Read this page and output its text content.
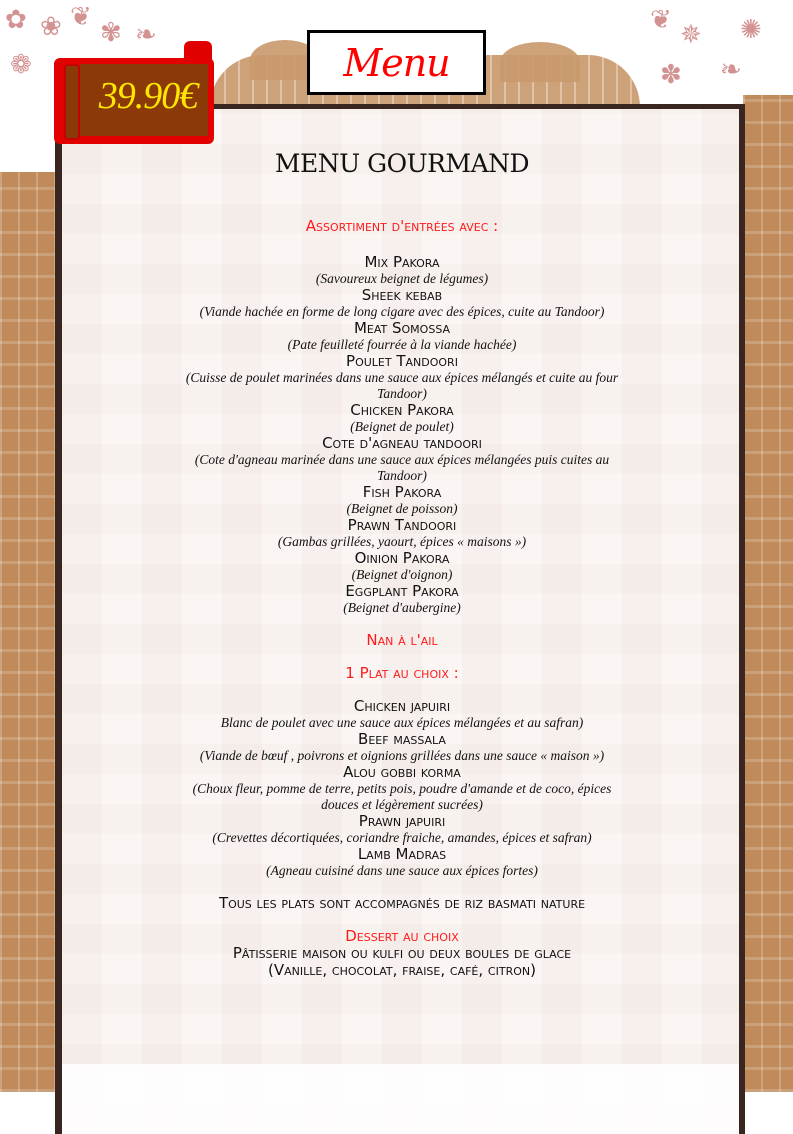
✿ ❀ ❦
✾
❁
❧
❦
✵ ✺
❧
✽
39.90€
Menu
MENU GOURMAND
Assortiment d'entrées avec :
Mix Pakora
(Savoureux beignet de légumes)
Sheek kebab
(Viande hachée en forme de long cigare avec des épices, cuite au Tandoor)
Meat Somossa
(Pate feuilleté fourrée à la viande hachée)
Poulet Tandoori
(Cuisse de poulet marinées dans une sauce aux épices mélangés et cuite au four Tandoor)
Chicken Pakora
(Beignet de poulet)
Cote d'agneau tandoori
(Cote d'agneau marinée dans une sauce aux épices mélangées puis cuites au Tandoor)
Fish Pakora
(Beignet de poisson)
Prawn Tandoori
(Gambas grillées, yaourt, épices « maisons »)
Oinion Pakora
(Beignet d'oignon)
Eggplant Pakora
(Beignet d'aubergine)
Nan à l'ail
1 Plat au choix :
Chicken japuiri
Blanc de poulet avec une sauce aux épices mélangées et au safran)
Beef massala
(Viande de bœuf , poivrons et oignions grillées dans une sauce « maison »)
Alou gobbi korma
(Choux fleur, pomme de terre, petits pois, poudre d'amande et de coco, épices douces et légèrement sucrées)
Prawn japuiri
(Crevettes décortiquées, coriandre fraiche, amandes, épices et safran)
Lamb Madras
(Agneau cuisiné dans une sauce aux épices fortes)
Tous les plats sont accompagnés de riz basmati nature
Dessert au choix
Pâtisserie maison ou kulfi ou deux boules de glace
(Vanille, chocolat, fraise, café, citron)
